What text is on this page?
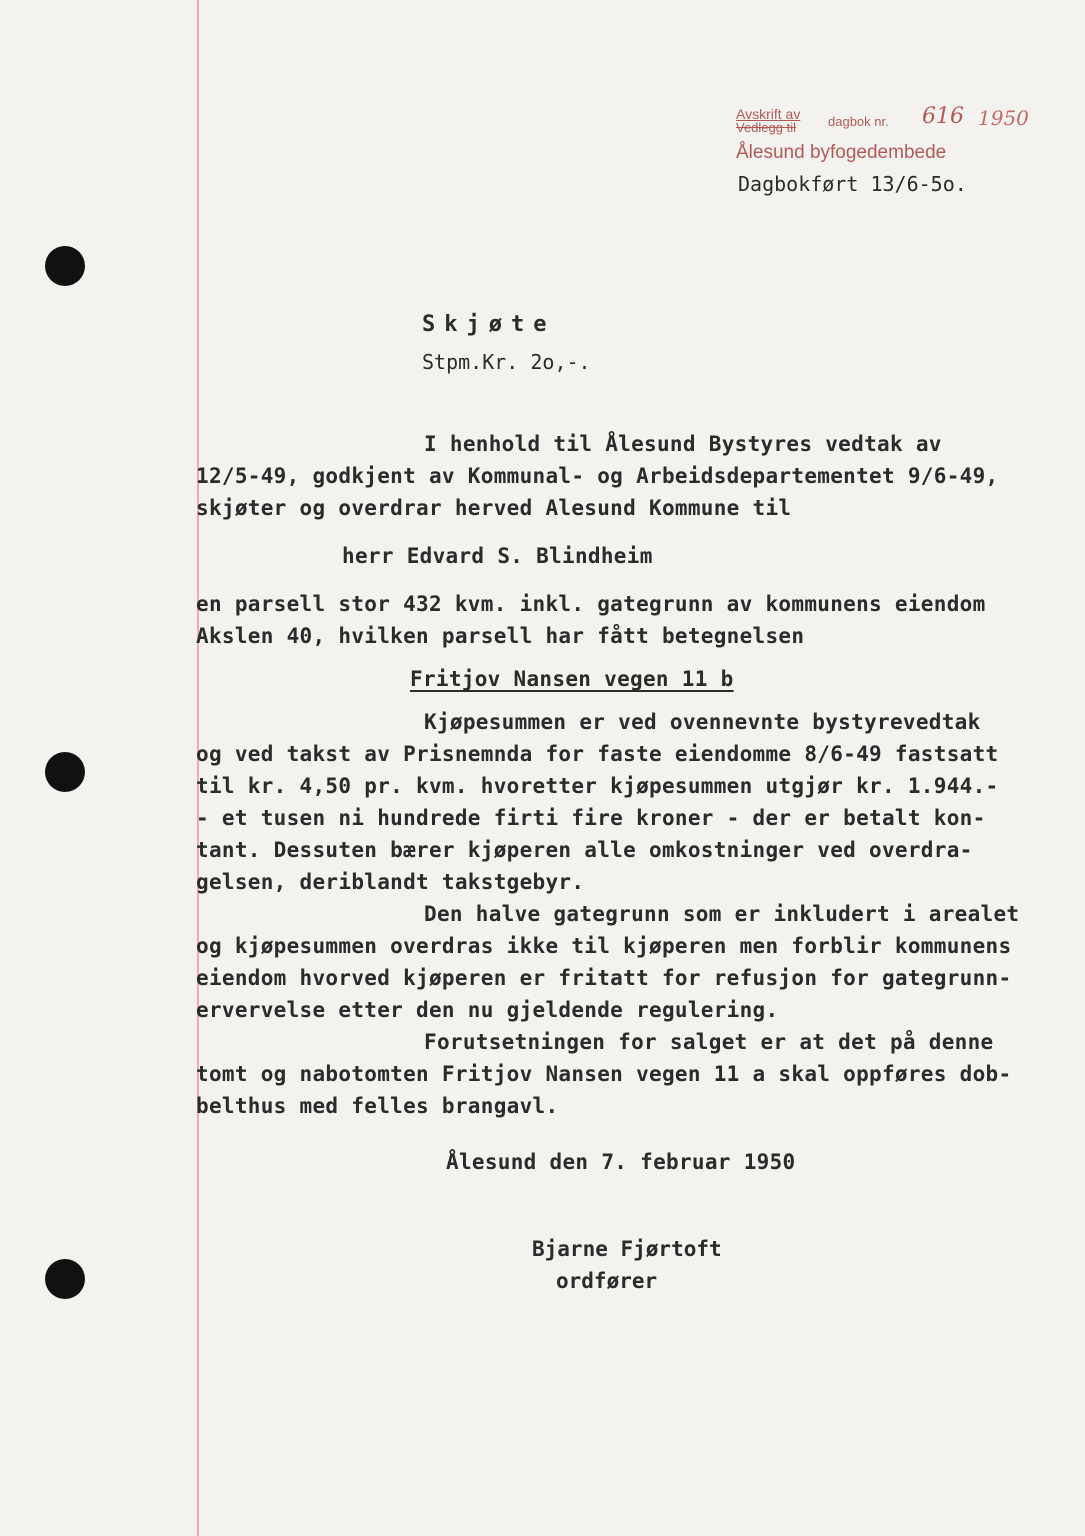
Avskrift av
Vedlegg til dagbok nr. 616 1950
Ålesund byfogedembede
Dagbokført 13/6-5o.
Skjøte
Stpm.Kr. 2o,-.
I henhold til Ålesund Bystyres vedtak av
12/5-49, godkjent av Kommunal- og Arbeidsdepartementet 9/6-49,
skjøter og overdrar herved Alesund Kommune til
herr Edvard S. Blindheim
en parsell stor 432 kvm. inkl. gategrunn av kommunens eiendom
Akslen 40, hvilken parsell har fått betegnelsen
Fritjov Nansen vegen 11 b
Kjøpesummen er ved ovennevnte bystyrevedtak
og ved takst av Prisnemnda for faste eiendomme 8/6-49 fastsatt
til kr. 4,50 pr. kvm. hvoretter kjøpesummen utgjør kr. 1.944.-
- et tusen ni hundrede firti fire kroner - der er betalt kon-
tant. Dessuten bærer kjøperen alle omkostninger ved overdra-
gelsen, deriblandt takstgebyr.
Den halve gategrunn som er inkludert i arealet
og kjøpesummen overdras ikke til kjøperen men forblir kommunens
eiendom hvorved kjøperen er fritatt for refusjon for gategrunn-
ervervelse etter den nu gjeldende regulering.
Forutsetningen for salget er at det på denne
tomt og nabotomten Fritjov Nansen vegen 11 a skal oppføres dob-
belthus med felles brangavl.
Ålesund den 7. februar 1950
Bjarne Fjørtoft
ordfører
